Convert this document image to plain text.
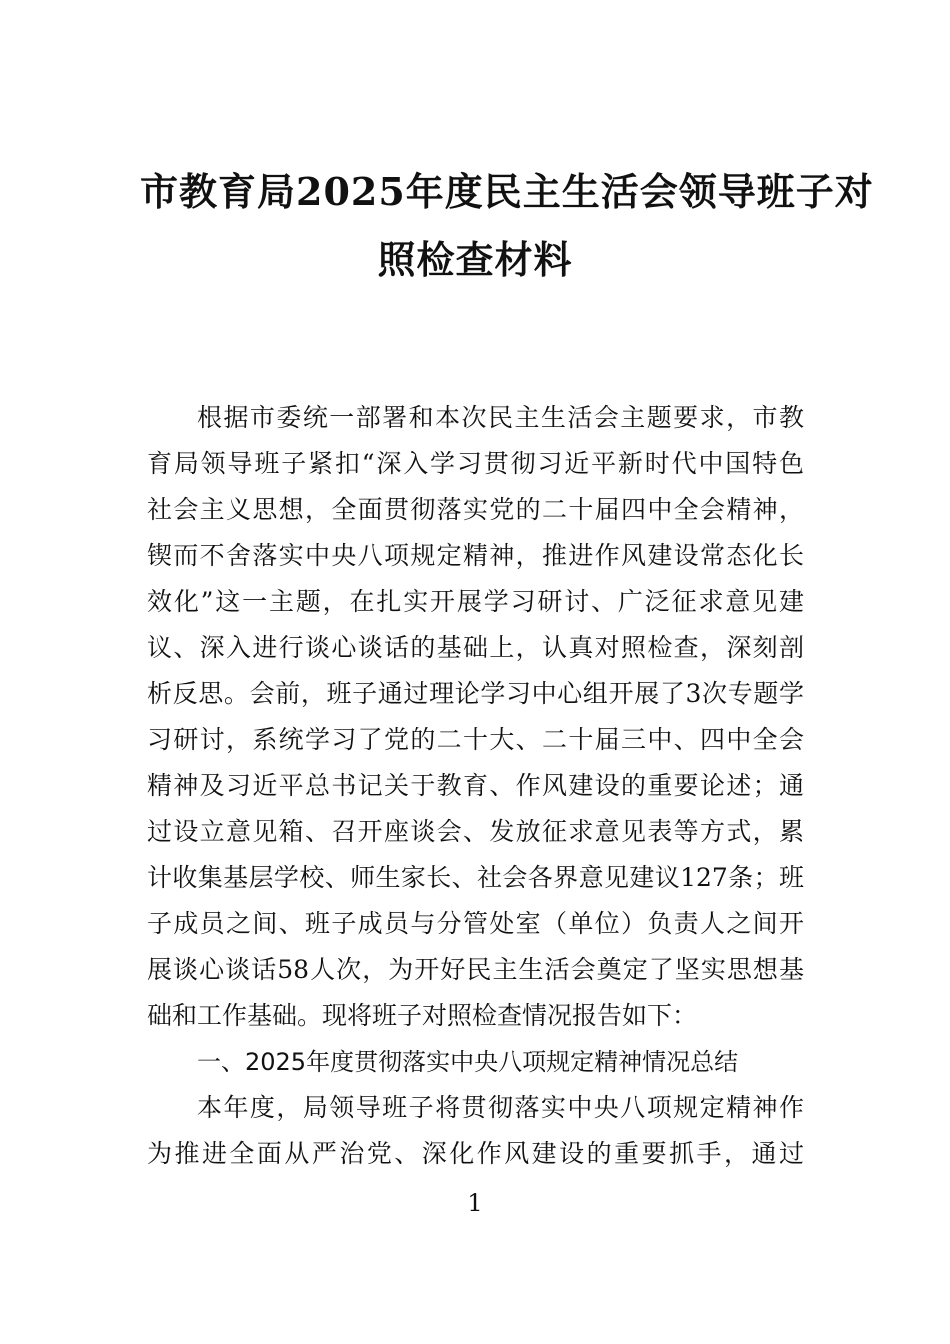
市教育局2025年度民主生活会领导班子对
照检查材料
根据市委统一部署和本次民主生活会主题要求，市教
育局领导班子紧扣“深入学习贯彻习近平新时代中国特色
社会主义思想，全面贯彻落实党的二十届四中全会精神，
锲而不舍落实中央八项规定精神，推进作风建设常态化长
效化”这一主题，在扎实开展学习研讨、广泛征求意见建
议、深入进行谈心谈话的基础上，认真对照检查，深刻剖
析反思。会前，班子通过理论学习中心组开展了3次专题学
习研讨，系统学习了党的二十大、二十届三中、四中全会
精神及习近平总书记关于教育、作风建设的重要论述；通
过设立意见箱、召开座谈会、发放征求意见表等方式，累
计收集基层学校、师生家长、社会各界意见建议127条；班
子成员之间、班子成员与分管处室（单位）负责人之间开
展谈心谈话58人次，为开好民主生活会奠定了坚实思想基
础和工作基础。现将班子对照检查情况报告如下：
一、2025年度贯彻落实中央八项规定精神情况总结
本年度，局领导班子将贯彻落实中央八项规定精神作
为推进全面从严治党、深化作风建设的重要抓手，通过
1
